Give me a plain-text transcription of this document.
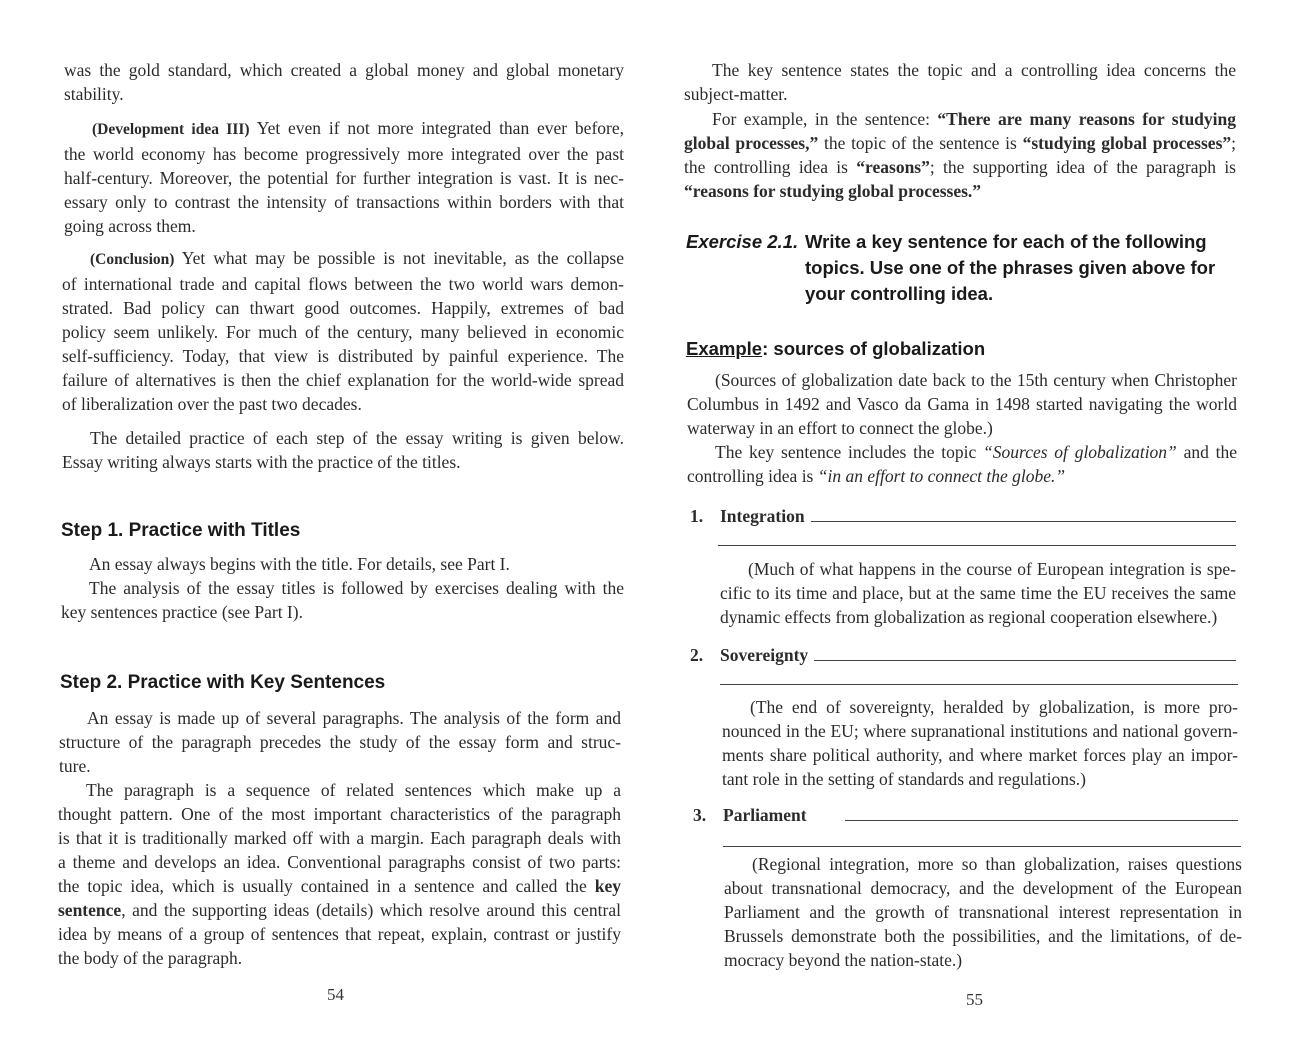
was the gold standard, which created a global money and global monetary
stability.
(Development idea III) Yet even if not more integrated than ever before,
the world economy has become progressively more integrated over the past
half-century. Moreover, the potential for further integration is vast. It is nec-
essary only to contrast the intensity of transactions within borders with that
going across them.
(Conclusion) Yet what may be possible is not inevitable, as the collapse
of international trade and capital flows between the two world wars demon-
strated. Bad policy can thwart good outcomes. Happily, extremes of bad
policy seem unlikely. For much of the century, many believed in economic
self-sufficiency. Today, that view is distributed by painful experience. The
failure of alternatives is then the chief explanation for the world-wide spread
of liberalization over the past two decades.
The detailed practice of each step of the essay writing is given below.
Essay writing always starts with the practice of the titles.
Step 1. Practice with Titles
An essay always begins with the title. For details, see Part I.
The analysis of the essay titles is followed by exercises dealing with the
key sentences practice (see Part I).
Step 2. Practice with Key Sentences
An essay is made up of several paragraphs. The analysis of the form and
structure of the paragraph precedes the study of the essay form and struc-
ture.
The paragraph is a sequence of related sentences which make up a
thought pattern. One of the most important characteristics of the paragraph
is that it is traditionally marked off with a margin. Each paragraph deals with
a theme and develops an idea. Conventional paragraphs consist of two parts:
the topic idea, which is usually contained in a sentence and called the key
sentence, and the supporting ideas (details) which resolve around this central
idea by means of a group of sentences that repeat, explain, contrast or justify
the body of the paragraph.
54
The key sentence states the topic and a controlling idea concerns the
subject-matter.
For example, in the sentence: “There are many reasons for studying
global processes,” the topic of the sentence is “studying global processes”;
the controlling idea is “reasons”; the supporting idea of the paragraph is
“reasons for studying global processes.”
Exercise 2.1. Write a key sentence for each of the following
topics. Use one of the phrases given above for
your controlling idea.
Example: sources of globalization
(Sources of globalization date back to the 15th century when Christopher
Columbus in 1492 and Vasco da Gama in 1498 started navigating the world
waterway in an effort to connect the globe.)
The key sentence includes the topic “Sources of globalization” and the
controlling idea is “in an effort to connect the globe.”
1. Integration
(Much of what happens in the course of European integration is spe-
cific to its time and place, but at the same time the EU receives the same
dynamic effects from globalization as regional cooperation elsewhere.)
2. Sovereignty
(The end of sovereignty, heralded by globalization, is more pro-
nounced in the EU; where supranational institutions and national govern-
ments share political authority, and where market forces play an impor-
tant role in the setting of standards and regulations.)
3. Parliament
(Regional integration, more so than globalization, raises questions
about transnational democracy, and the development of the European
Parliament and the growth of transnational interest representation in
Brussels demonstrate both the possibilities, and the limitations, of de-
mocracy beyond the nation-state.)
55
